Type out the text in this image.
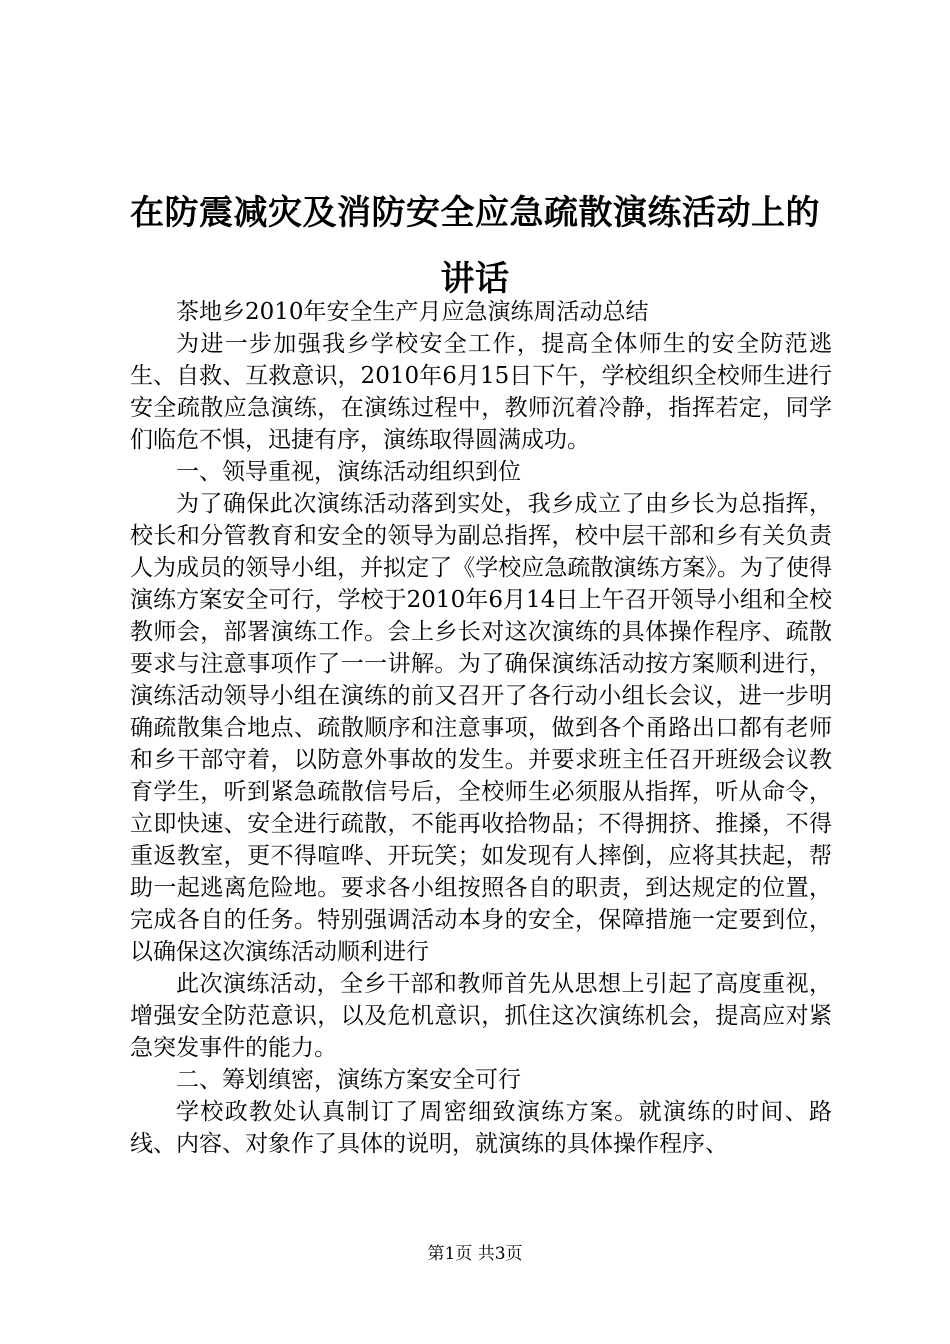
在防震减灾及消防安全应急疏散演练活动上的讲话

茶地乡2010年安全生产月应急演练周活动总结

为进一步加强我乡学校安全工作，提高全体师生的安全防范逃生、自救、互救意识，2010年6月15日下午，学校组织全校师生进行安全疏散应急演练，在演练过程中，教师沉着冷静，指挥若定，同学们临危不惧，迅捷有序，演练取得圆满成功。

一、领导重视，演练活动组织到位

为了确保此次演练活动落到实处，我乡成立了由乡长为总指挥，校长和分管教育和安全的领导为副总指挥，校中层干部和乡有关负责人为成员的领导小组，并拟定了《学校应急疏散演练方案》。为了使得演练方案安全可行，学校于2010年6月14日上午召开领导小组和全校教师会，部署演练工作。会上乡长对这次演练的具体操作程序、疏散要求与注意事项作了一一讲解。为了确保演练活动按方案顺利进行，演练活动领导小组在演练的前又召开了各行动小组长会议，进一步明确疏散集合地点、疏散顺序和注意事项，做到各个甬路出口都有老师和乡干部守着，以防意外事故的发生。并要求班主任召开班级会议教育学生，听到紧急疏散信号后，全校师生必须服从指挥，听从命令，立即快速、安全进行疏散，不能再收拾物品；不得拥挤、推搡，不得重返教室，更不得喧哗、开玩笑；如发现有人摔倒，应将其扶起，帮助一起逃离危险地。要求各小组按照各自的职责，到达规定的位置，完成各自的任务。特别强调活动本身的安全，保障措施一定要到位，以确保这次演练活动顺利进行

此次演练活动，全乡干部和教师首先从思想上引起了高度重视，增强安全防范意识，以及危机意识，抓住这次演练机会，提高应对紧急突发事件的能力。

二、筹划缜密，演练方案安全可行

学校政教处认真制订了周密细致演练方案。就演练的时间、路线、内容、对象作了具体的说明，就演练的具体操作程序、

第1页 共3页
